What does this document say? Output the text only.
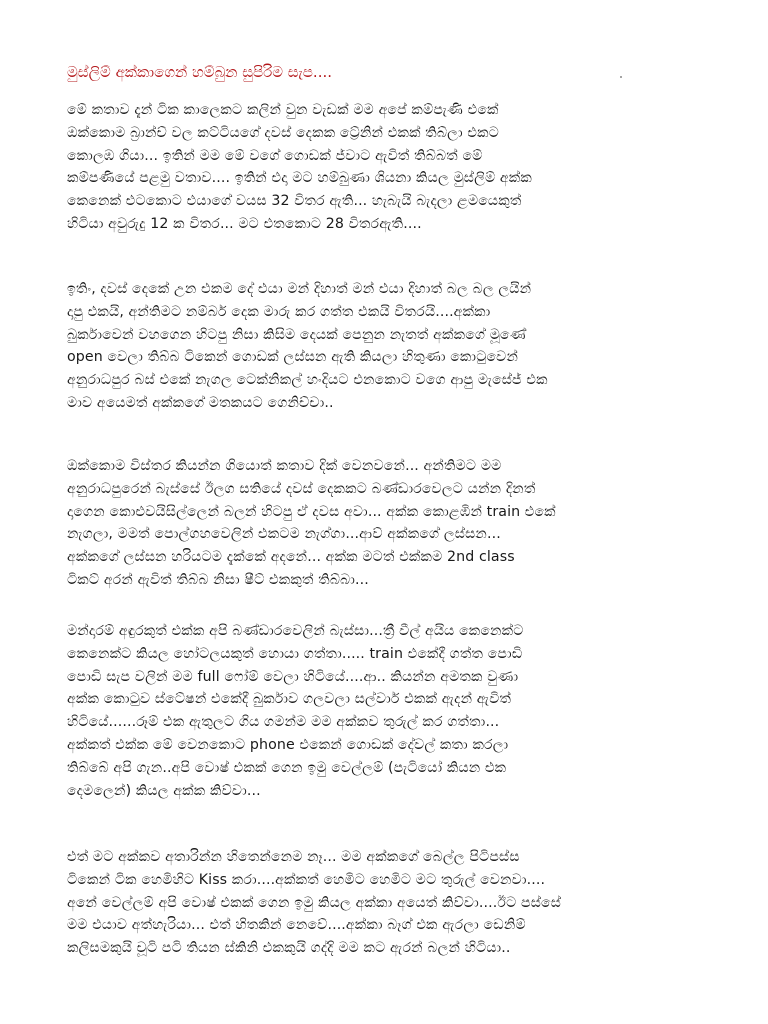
මුස්ලිම් අක්කාගෙන් හම්බුන සුපිරිම සැප....
මේ කතාව දැන් ටික කාලෙකට කලින් වුන වැඩක් මම අපේ කම්පැණි එකේ
ඔක්කොම බ්‍රාන්ච් වල කට්ටියගේ දවස් දෙකක ට්‍රේනින් එකක් තිබ්ලා එකට
කොලඹ ගියා... ඉතින් මම මේ වගේ ගොඩක් ජ්වාට ඇවිත් තිබ්බත් මේ
කම්පණියේ පළමු වතාව.... ඉතින් එදා මට හම්බුණා ශියනා කියල මුස්ලිම් අක්ක
කෙනෙක් එටකොට එයාගේ වයස 32 විතර ඇති... හැබැයි බැදලා ළමයෙකුත්
හිටියා අවුරුදු 12 ක විතර... මට එතකොට 28 විතරඇති....
ඉතිං, දවස් දෙකේ උන එකම දේ එයා මන් දිහාත් මන් එයා දිහාත් බල බල ලයින්
දාපු එකයි, අන්තිමට නම්බර් දෙක මාරු කර ගත්ත එකයි විතරයි....අක්කා
බුර්කාවෙන් වහගෙන හිටපු නිසා කිසිම දෙයක් පෙනුන නැතත් අක්කගේ මූණේ
open වෙලා තිබ්බ ටිකෙන් ගොඩක් ලස්සන ඇති කියලා හිතුණා කොටුවෙන්
අනුරාධපුර බස් එකේ නැගල ටෙක්නිකල් හංදියට එනකොට වගෙ ආපු මැසේජ් එක
මාව අයෙමත් අක්කගේ මතකයට ගෙනිච්චා..
ඔක්කොම විස්තර කියන්න ගියොත් කතාව දික් වෙනවනේ... අන්තිමට මම
අනුරාධපුරෙන් බැස්සේ ඊලග සතියේ දවස් දෙකකට බණ්ඩාරවෙලට යන්න දිනත්
දාගෙන කොළුවයිසිල්ලෙන් බලන් හිටපු ඒ දවස අවා... අක්ක කොළඹින් train එකේ
නැගලා, මමත් පොල්ගහවෙලින් එකටම නැග්ගා...ආව් අක්කගේ ලස්සන...
අක්කගේ ලස්සන හරියටම දැක්කේ අදනේ... අක්ක මටත් එක්කම 2nd class
ටිකට් අරන් ඇවිත් තිබ්බ නිසා ෂීට් එකකුත් තිබ්බා...
මන්දාරම් අඳුරකුත් එක්ක අපි බණ්ඩාරවෙලින් බැස්සා...ත්‍රී වීල් අයිය කෙනෙක්ට
කෙනෙක්ට කියල හෝටලයකුත් හොයා ගත්තා..... train එකේදී ගත්ත පොඩි
පොඩි සැප වලින් මම full ෆෝම් වෙලා හිටියේ....ආ.. කියන්න අමතක වුණා
අක්ක කොටුව ස්ටේෂන් එකේදී බුර්කාව ගලවලා සල්වාර් එකක් ඇදන් ඇවිත්
හිටියේ......රූම් එක ඇතුලට ගිය ගමන්ම මම අක්කව තුරුල් කර ගත්තා...
අක්කත් එක්ක මේ වෙනකොට phone එකෙන් ගොඩක් දේවල් කතා කරලා
තිබ්බේ අපි ගැන..අපි වොෂ් එකක් ගෙන ඉමු වෙල්ලම් (පැටියෝ කියන එක
දෙමලෙන්) කියල අක්ක කිව්වා...
එත් මට අක්කව අතාරින්න හිතෙන්නෙම නෑ... මම අක්කගේ බෙල්ල පිටිපස්ස
ටිකෙන් ටික හෙමිහිට Kiss කරා....අක්කත් හෙමිට හෙමිට මට තුරුල් වෙනවා....
අනේ වෙල්ලම් අපි වොෂ් එකක් ගෙන ඉමු කියල අක්කා අයෙත් කිව්වා....ඊට පස්සේ
මම එයාව අත්හැරියා... එත් හිතකින් නෙවේ....අක්කා බෑග් එක ඇරලා ඩෙනිම්
කලිසමකුයි චූටි පටි තියන ස්කිනි එකකුයි ගද්දි මම කට ඇරන් බලන් හිටියා..
